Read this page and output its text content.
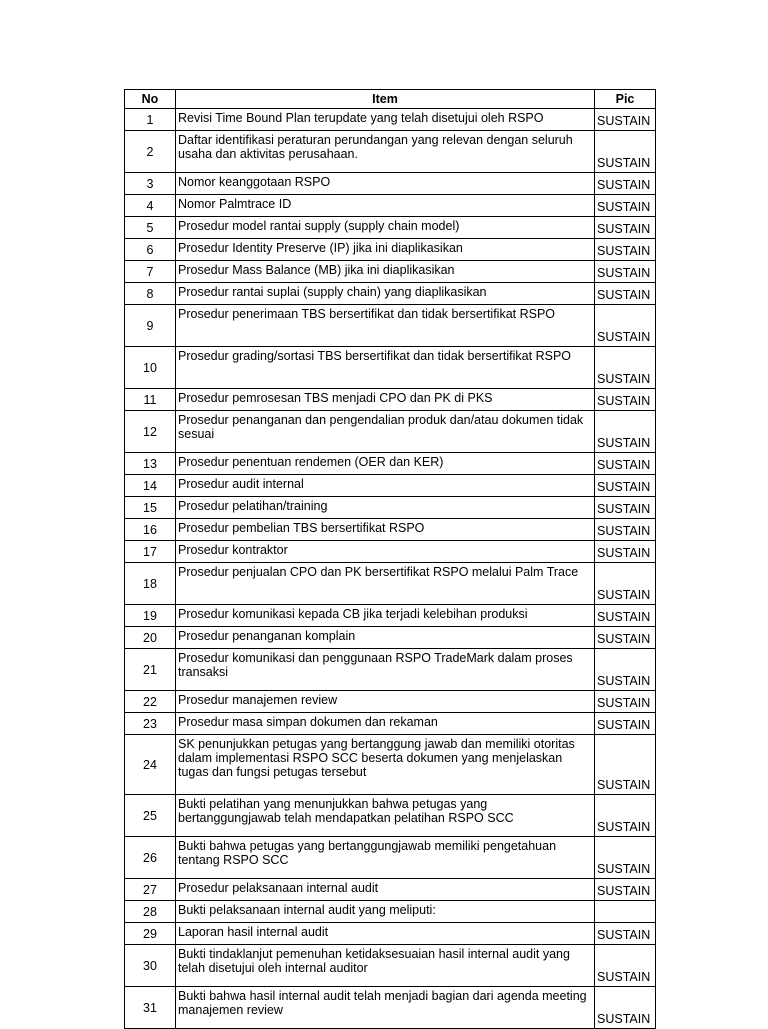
No	Item	Pic
1	Revisi Time Bound Plan terupdate yang telah disetujui oleh RSPO	SUSTAIN
2	Daftar identifikasi peraturan perundangan yang relevan dengan seluruh usaha dan aktivitas perusahaan.	SUSTAIN
3	Nomor keanggotaan RSPO	SUSTAIN
4	Nomor Palmtrace ID	SUSTAIN
5	Prosedur model rantai supply (supply chain model)	SUSTAIN
6	Prosedur Identity Preserve (IP) jika ini diaplikasikan	SUSTAIN
7	Prosedur Mass Balance (MB) jika ini diaplikasikan	SUSTAIN
8	Prosedur rantai suplai (supply chain) yang diaplikasikan	SUSTAIN
9	Prosedur penerimaan TBS bersertifikat dan tidak bersertifikat RSPO	SUSTAIN
10	Prosedur grading/sortasi TBS bersertifikat dan tidak bersertifikat RSPO	SUSTAIN
11	Prosedur pemrosesan TBS menjadi CPO dan PK di PKS	SUSTAIN
12	Prosedur penanganan dan pengendalian produk dan/atau dokumen tidak sesuai	SUSTAIN
13	Prosedur penentuan rendemen (OER dan KER)	SUSTAIN
14	Prosedur audit internal	SUSTAIN
15	Prosedur pelatihan/training	SUSTAIN
16	Prosedur pembelian TBS bersertifikat RSPO	SUSTAIN
17	Prosedur kontraktor	SUSTAIN
18	Prosedur penjualan CPO dan PK bersertifikat RSPO melalui Palm Trace	SUSTAIN
19	Prosedur komunikasi kepada CB jika terjadi kelebihan produksi	SUSTAIN
20	Prosedur penanganan komplain	SUSTAIN
21	Prosedur komunikasi dan penggunaan RSPO TradeMark dalam proses transaksi	SUSTAIN
22	Prosedur manajemen review	SUSTAIN
23	Prosedur masa simpan dokumen dan rekaman	SUSTAIN
24	SK penunjukkan petugas yang bertanggung jawab dan memiliki otoritas dalam implementasi RSPO SCC beserta dokumen yang menjelaskan tugas dan fungsi petugas tersebut	SUSTAIN
25	Bukti pelatihan yang menunjukkan bahwa petugas yang bertanggungjawab telah mendapatkan pelatihan RSPO SCC	SUSTAIN
26	Bukti bahwa petugas yang bertanggungjawab memiliki pengetahuan tentang RSPO SCC	SUSTAIN
27	Prosedur pelaksanaan internal audit	SUSTAIN
28	Bukti pelaksanaan internal audit yang meliputi:	
29	Laporan hasil internal audit	SUSTAIN
30	Bukti tindaklanjut pemenuhan ketidaksesuaian hasil internal audit yang telah disetujui oleh internal auditor	SUSTAIN
31	Bukti bahwa hasil internal audit telah menjadi bagian dari agenda meeting manajemen review	SUSTAIN
